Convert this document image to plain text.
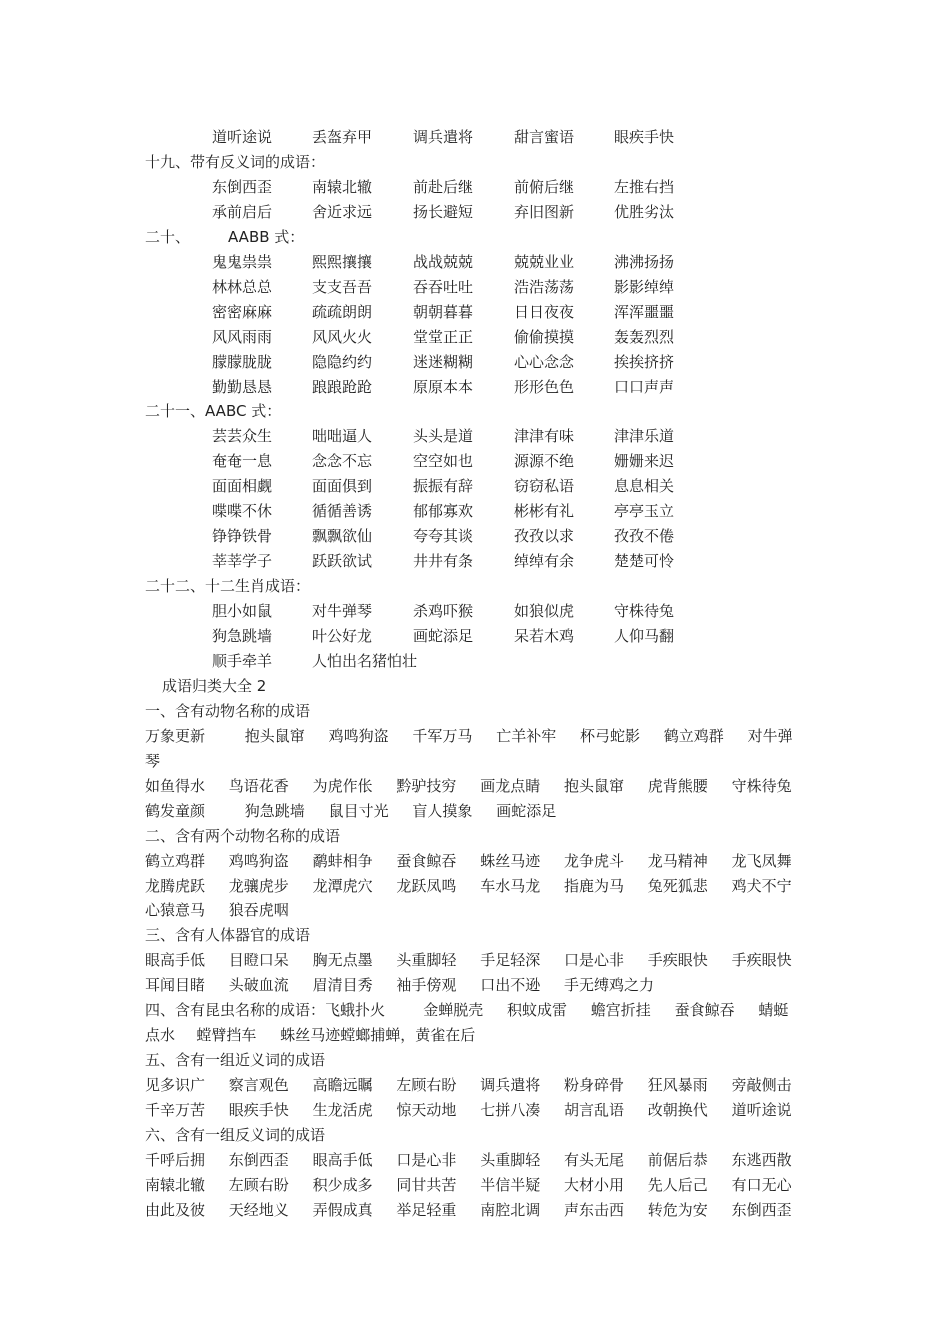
道听途说	丢盔弃甲	调兵遣将	甜言蜜语	眼疾手快
十九、带有反义词的成语：
东倒西歪	南辕北辙	前赴后继	前俯后继	左推右挡
承前启后	舍近求远	扬长避短	弃旧图新	优胜劣汰
二十、	AABB 式：
鬼鬼祟祟	熙熙攘攘	战战兢兢	兢兢业业	沸沸扬扬
林林总总	支支吾吾	吞吞吐吐	浩浩荡荡	影影绰绰
密密麻麻	疏疏朗朗	朝朝暮暮	日日夜夜	浑浑噩噩
风风雨雨	风风火火	堂堂正正	偷偷摸摸	轰轰烈烈
朦朦胧胧	隐隐约约	迷迷糊糊	心心念念	挨挨挤挤
勤勤恳恳	踉踉跄跄	原原本本	形形色色	口口声声
二十一、AABC 式：
芸芸众生	咄咄逼人	头头是道	津津有味	津津乐道
奄奄一息	念念不忘	空空如也	源源不绝	姗姗来迟
面面相觑	面面俱到	振振有辞	窃窃私语	息息相关
喋喋不休	循循善诱	郁郁寡欢	彬彬有礼	亭亭玉立
铮铮铁骨	飘飘欲仙	夸夸其谈	孜孜以求	孜孜不倦
莘莘学子	跃跃欲试	井井有条	绰绰有余	楚楚可怜
二十二、十二生肖成语：
胆小如鼠	对牛弹琴	杀鸡吓猴	如狼似虎	守株待兔
狗急跳墙	叶公好龙	画蛇添足	呆若木鸡	人仰马翻
顺手牵羊	人怕出名猪怕壮
成语归类大全 2
一、含有动物名称的成语
万象更新	抱头鼠窜 鸡鸣狗盗 千军万马 亡羊补牢 杯弓蛇影 鹤立鸡群 对牛弹
琴
如鱼得水 鸟语花香 为虎作伥 黔驴技穷 画龙点睛 抱头鼠窜 虎背熊腰 守株待兔
鹤发童颜	狗急跳墙 鼠目寸光 盲人摸象 画蛇添足
二、含有两个动物名称的成语
鹤立鸡群 鸡鸣狗盗 鹬蚌相争 蚕食鲸吞 蛛丝马迹 龙争虎斗 龙马精神 龙飞凤舞
龙腾虎跃 龙骧虎步 龙潭虎穴 龙跃凤鸣 车水马龙 指鹿为马 兔死狐悲 鸡犬不宁
心猿意马 狼吞虎咽
三、含有人体器官的成语
眼高手低 目瞪口呆 胸无点墨 头重脚轻 手足轻深 口是心非 手疾眼快 手疾眼快
耳闻目睹 头破血流 眉清目秀 袖手傍观 口出不逊 手无缚鸡之力
四、含有昆虫名称的成语：飞蛾扑火	金蝉脱壳 积蚊成雷 蟾宫折挂 蚕食鲸吞 蜻蜓
点水 螳臂挡车 蛛丝马迹螳螂捕蝉，黄雀在后
五、含有一组近义词的成语
见多识广 察言观色 高瞻远瞩 左顾右盼 调兵遣将 粉身碎骨 狂风暴雨 旁敲侧击
千辛万苦 眼疾手快 生龙活虎 惊天动地 七拼八凑 胡言乱语 改朝换代 道听途说
六、含有一组反义词的成语
千呼后拥 东倒西歪 眼高手低 口是心非 头重脚轻 有头无尾 前倨后恭 东逃西散
南辕北辙 左顾右盼 积少成多 同甘共苦 半信半疑 大材小用 先人后己 有口无心
由此及彼 天经地义 弄假成真 举足轻重 南腔北调 声东击西 转危为安 东倒西歪
